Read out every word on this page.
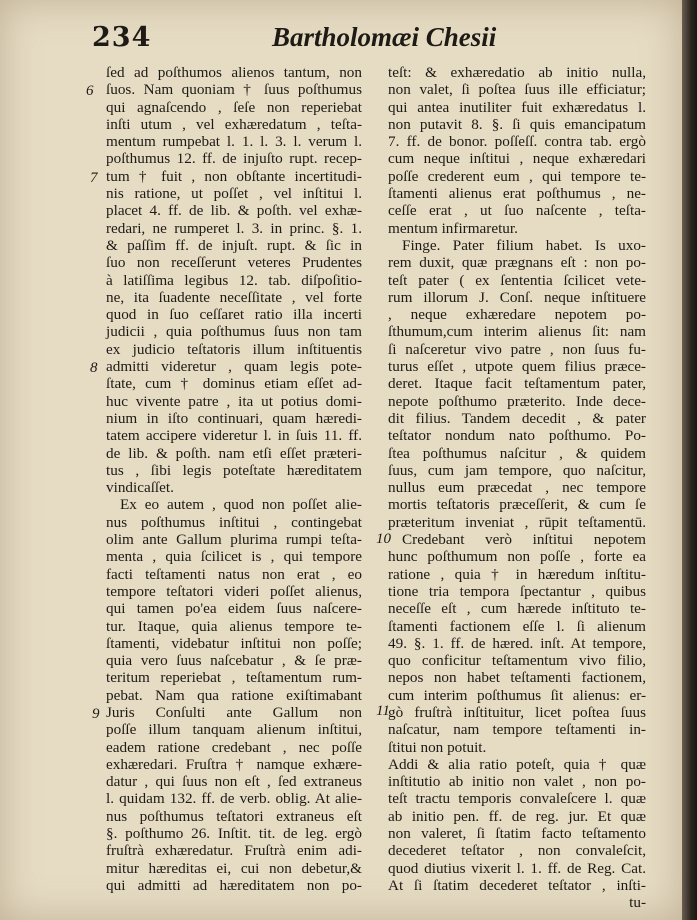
234	Bartholomæi Chesii
6
7
8
9
10
11
ſed ad poſthumos alienos tantum, non
ſuos. Nam quoniam † ſuus poſthumus
qui agnaſcendo , ſeſe non reperiebat
inſti utum , vel exhæredatum , teſta-
mentum rumpebat l. 1. l. 3. l. verum l.
poſthumus 12. ff. de injuſto rupt. recep-
tum † fuit , non obſtante incertitudi-
nis ratione, ut poſſet , vel inſtitui l.
placet 4. ff. de lib. & poſth. vel exhæ-
redari, ne rumperet l. 3. in princ. §. 1.
& paſſim ff. de injuſt. rupt. & ſic in
ſuo non receſſerunt veteres Prudentes
à latiſſima legibus 12. tab. diſpoſitio-
ne, ita ſuadente neceſſitate , vel forte
quod in ſuo ceſſaret ratio illa incerti
judicii , quia poſthumus ſuus non tam
ex judicio teſtatoris illum inſtituentis
admitti videretur , quam legis pote-
ſtate, cum † dominus etiam eſſet ad-
huc vivente patre , ita ut potius domi-
nium in iſto continuari, quam hæredi-
tatem accipere videretur l. in ſuis 11. ff.
de lib. & poſth. nam etſi eſſet præteri-
tus , ſibi legis poteſtate hæreditatem
vindicaſſet.
Ex eo autem , quod non poſſet alie-
nus poſthumus inſtitui , contingebat
olim ante Gallum plurima rumpi teſta-
menta , quia ſcilicet is , qui tempore
facti teſtamenti natus non erat , eo
tempore teſtatori videri poſſet alienus,
qui tamen po'ea eidem ſuus naſcere-
tur. Itaque, quia alienus tempore te-
ſtamenti, videbatur inſtitui non poſſe;
quia vero ſuus naſcebatur , & ſe præ-
teritum reperiebat , teſtamentum rum-
pebat. Nam qua ratione exiſtimabant
Juris Conſulti ante Gallum non
poſſe illum tanquam alienum inſtitui,
eadem ratione credebant , nec poſſe
exhæredari. Fruſtra † namque exhære-
datur , qui ſuus non eſt , ſed extraneus
l. quidam 132. ff. de verb. oblig. At alie-
nus poſthumus teſtatori extraneus eſt
§. poſthumo 26. Inſtit. tit. de leg. ergò
fruſtrà exhæredatur. Fruſtrà enim adi-
mitur hæreditas ei, cui non debetur,&
qui admitti ad hæreditatem non po-
teſt: & exhæredatio ab initio nulla,
non valet, ſi poſtea ſuus ille efficiatur;
qui antea inutiliter fuit exhæredatus l.
non putavit 8. §. ſi quis emancipatum
7. ff. de bonor. poſſeſſ. contra tab. ergò
cum neque inſtitui , neque exhæredari
poſſe crederent eum , qui tempore te-
ſtamenti alienus erat poſthumus , ne-
ceſſe erat , ut ſuo naſcente , teſta-
mentum infirmaretur.
Finge. Pater filium habet. Is uxo-
rem duxit, quæ prægnans eſt : non po-
teſt pater ( ex ſententia ſcilicet vete-
rum illorum J. Conſ. neque inſtituere
, neque exhæredare nepotem po-
ſthumum,cum interim alienus ſit: nam
ſi naſceretur vivo patre , non ſuus fu-
turus eſſet , utpote quem filius præce-
deret. Itaque facit teſtamentum pater,
nepote poſthumo præterito. Inde dece-
dit filius. Tandem decedit , & pater
teſtator nondum nato poſthumo. Po-
ſtea poſthumus naſcitur , & quidem
ſuus, cum jam tempore, quo naſcitur,
nullus eum præcedat , nec tempore
mortis teſtatoris præceſſerit, & cum ſe
præteritum inveniat , rūpit teſtamentū.
Credebant verò inſtitui nepotem
hunc poſthumum non poſſe , forte ea
ratione , quia † in hæredum inſtitu-
tione tria tempora ſpectantur , quibus
neceſſe eſt , cum hærede inſtituto te-
ſtamenti factionem eſſe l. ſi alienum
49. §. 1. ff. de hæred. inſt. At tempore,
quo conficitur teſtamentum vivo filio,
nepos non habet teſtamenti factionem,
cum interim poſthumus ſit alienus: er-
gò fruſtrà inſtituitur, licet poſtea ſuus
naſcatur, nam tempore teſtamenti in-
ſtitui non potuit.
Addi & alia ratio poteſt, quia † quæ
inſtitutio ab initio non valet , non po-
teſt tractu temporis convaleſcere l. quæ
ab initio pen. ff. de reg. jur. Et quæ
non valeret, ſi ſtatim facto teſtamento
decederet teſtator , non convaleſcit,
quod diutius vixerit l. 1. ff. de Reg. Cat.
At ſi ſtatim decederet teſtator , inſti-
tu-
